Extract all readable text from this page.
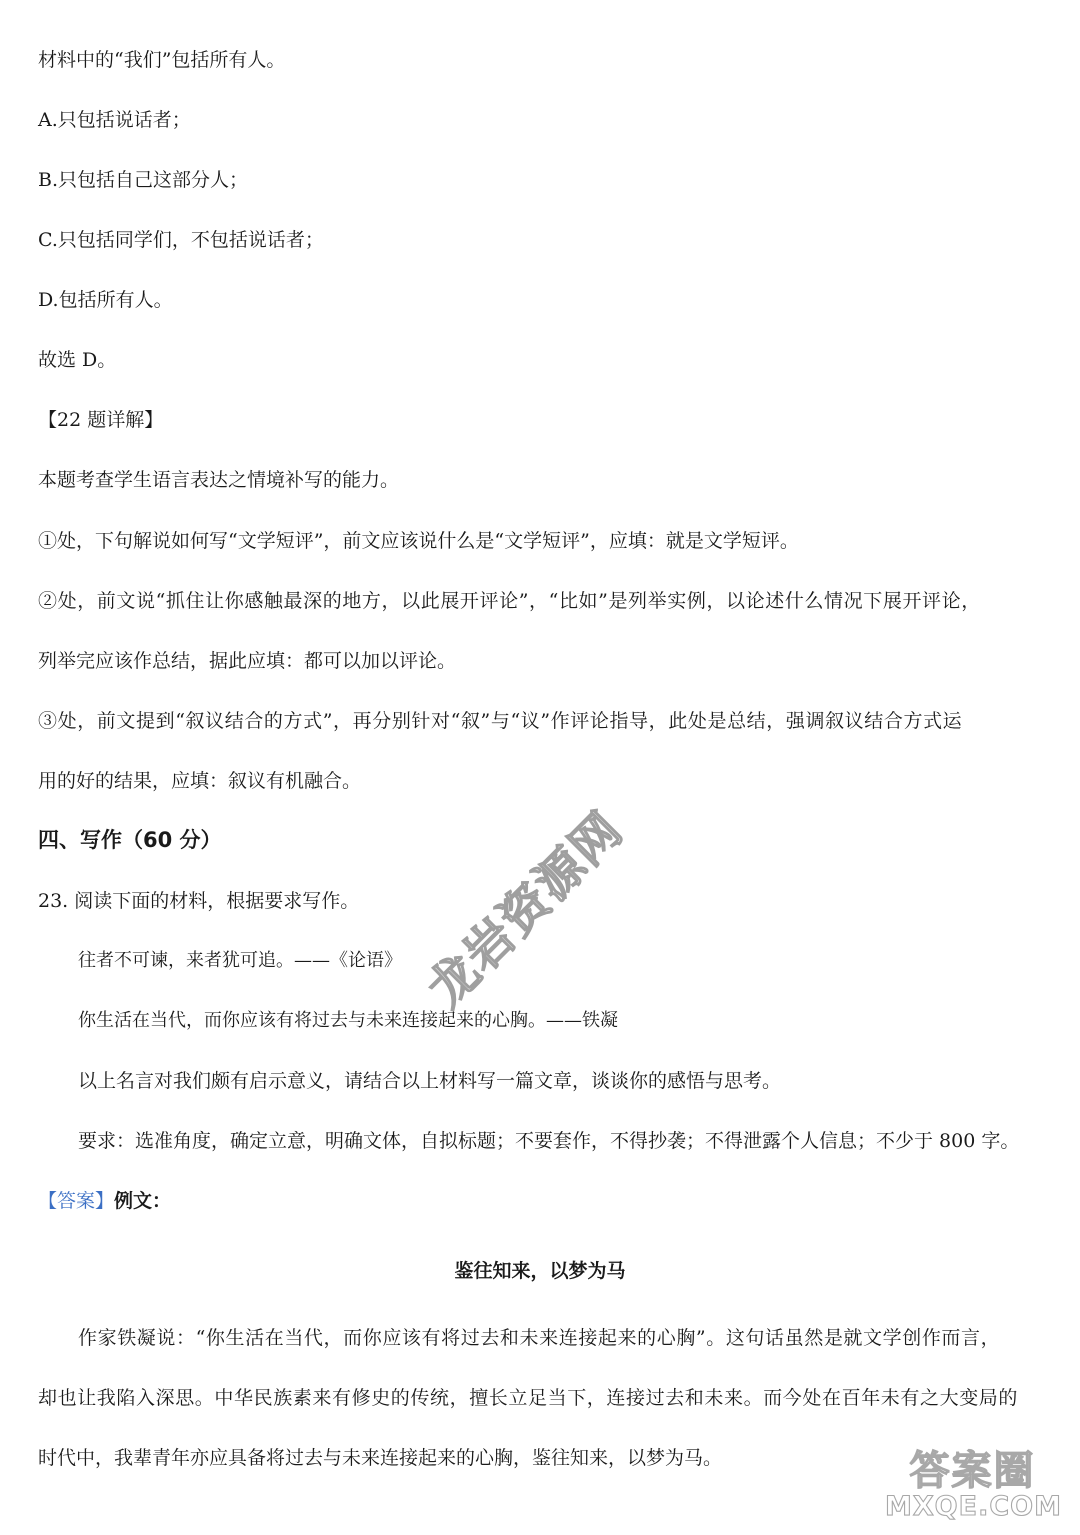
材料中的“我们”包括所有人。
A.只包括说话者；
B.只包括自己这部分人；
C.只包括同学们，不包括说话者；
D.包括所有人。
故选 D。
【22 题详解】
本题考查学生语言表达之情境补写的能力。
①处，下句解说如何写“文学短评”，前文应该说什么是“文学短评”，应填：就是文学短评。
②处，前文说“抓住让你感触最深的地方，以此展开评论”，“比如”是列举实例，以论述什么情况下展开评论，
列举完应该作总结，据此应填：都可以加以评论。
③处，前文提到“叙议结合的方式”，再分别针对“叙”与“议”作评论指导，此处是总结，强调叙议结合方式运
用的好的结果，应填：叙议有机融合。
四、写作（60 分）
23. 阅读下面的材料，根据要求写作。
往者不可谏，来者犹可追。——《论语》
你生活在当代，而你应该有将过去与未来连接起来的心胸。——铁凝
以上名言对我们颇有启示意义，请结合以上材料写一篇文章，谈谈你的感悟与思考。
要求：选准角度，确定立意，明确文体，自拟标题；不要套作，不得抄袭；不得泄露个人信息；不少于 800 字。
【答案】例文：
鉴往知来，以梦为马
作家铁凝说：“你生活在当代，而你应该有将过去和未来连接起来的心胸”。这句话虽然是就文学创作而言，
却也让我陷入深思。中华民族素来有修史的传统，擅长立足当下，连接过去和未来。而今处在百年未有之大变局的
时代中，我辈青年亦应具备将过去与未来连接起来的心胸，鉴往知来，以梦为马。
龙岩资源网
答案圈
MXQE.COM
